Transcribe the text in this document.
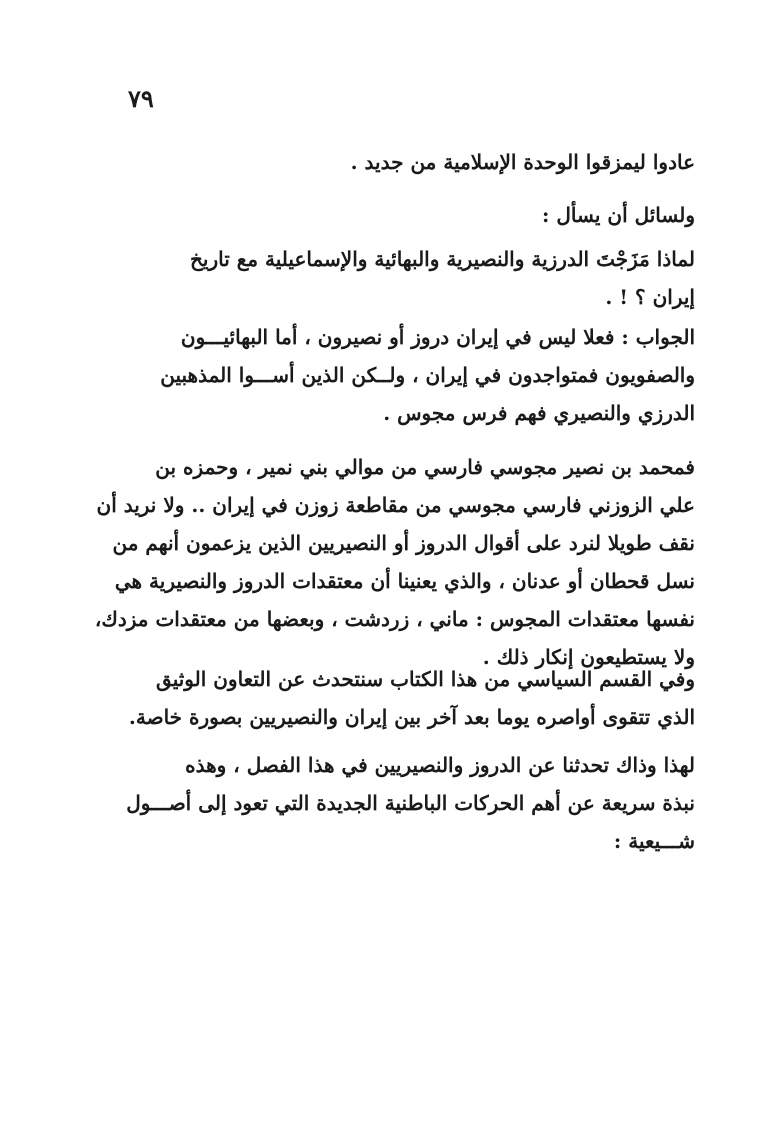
٧٩
عادوا ليمزقوا الوحدة الإسلامية من جديد .
ولسائل أن يسأل :
لماذا مَزَجْتَ الدرزية والنصيرية والبهائية والإسماعيلية مع تاريخ
إيران ؟ ! .
الجواب : فعلا ليس في إيران دروز أو نصيرون ، أما البهائيـــون
والصفويون فمتواجدون في إيران ، ولــكن الذين أســـوا المذهبين
الدرزي والنصيري فهم فرس مجوس .
فمحمد بن نصير مجوسي فارسي من موالي بني نمير ، وحمزه بن
علي الزوزني فارسي مجوسي من مقاطعة زوزن في إيران .. ولا نريد أن
نقف طويلا لنرد على أقوال الدروز أو النصيريين الذين يزعمون أنهم من
نسل قحطان أو عدنان ، والذي يعنينا أن معتقدات الدروز والنصيرية هي
نفسها معتقدات المجوس : ماني ، زردشت ، وبعضها من معتقدات مزدك،
ولا يستطيعون إنكار ذلك .
وفي القسم السياسي من هذا الكتاب سنتحدث عن التعاون الوثيق
الذي تتقوى أواصره يوما بعد آخر بين إيران والنصيريين بصورة خاصة.
لهذا وذاك تحدثنا عن الدروز والنصيريين في هذا الفصل ، وهذه
نبذة سريعة عن أهم الحركات الباطنية الجديدة التي تعود إلى أصـــول
شـــيعية :
